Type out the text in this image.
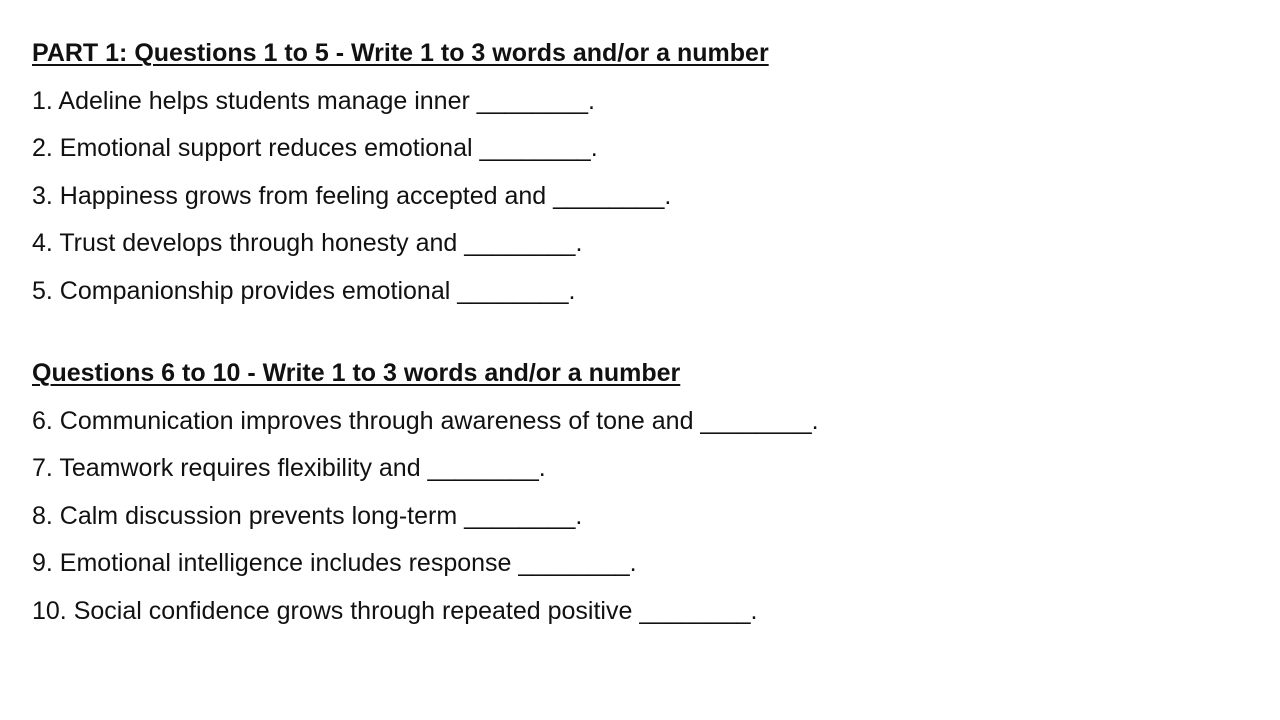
PART 1: Questions 1 to 5 - Write 1 to 3 words and/or a number
1. Adeline helps students manage inner ________.
2. Emotional support reduces emotional ________.
3. Happiness grows from feeling accepted and ________.
4. Trust develops through honesty and ________.
5. Companionship provides emotional ________.
Questions 6 to 10 - Write 1 to 3 words and/or a number
6. Communication improves through awareness of tone and ________.
7. Teamwork requires flexibility and ________.
8. Calm discussion prevents long-term ________.
9. Emotional intelligence includes response ________.
10. Social confidence grows through repeated positive ________.
